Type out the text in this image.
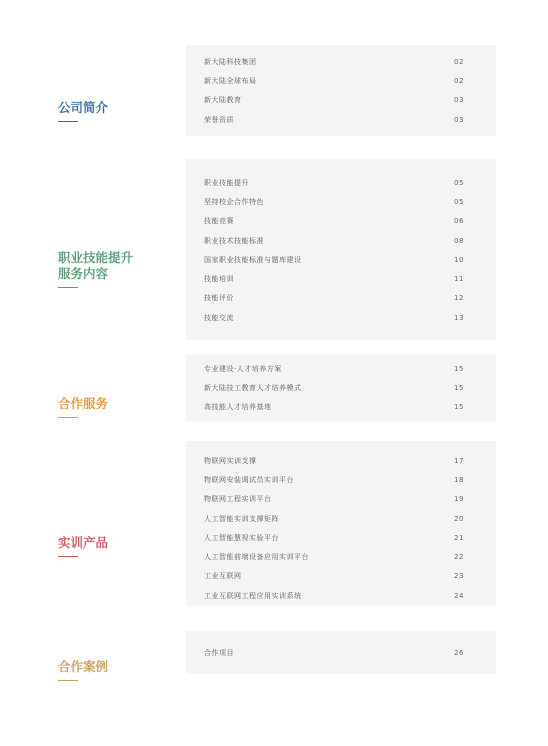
01
公司简介
新大陆科技集团	02
新大陆全球布局	02
新大陆教育	03
荣誉资质	03
02
职业技能提升
服务内容
职业技能提升	05
坚持校企合作特色	05
技能竞赛	06
职业技术技能标准	08
国家职业技能标准与题库建设	10
技能培训	11
技能评价	12
技能交流	13
03
合作服务
专业建设·人才培养方案	15
新大陆技工教育人才培养模式	15
高技能人才培养基地	15
04
实训产品
物联网实训支撑	17
物联网安装调试员实训平台	18
物联网工程实训平台	19
人工智能实训支撑矩阵	20
人工智能慧视实验平台	21
人工智能前端设备应用实训平台	22
工业互联网	23
工业互联网工程应用实训系统	24
05
合作案例
合作项目	26
